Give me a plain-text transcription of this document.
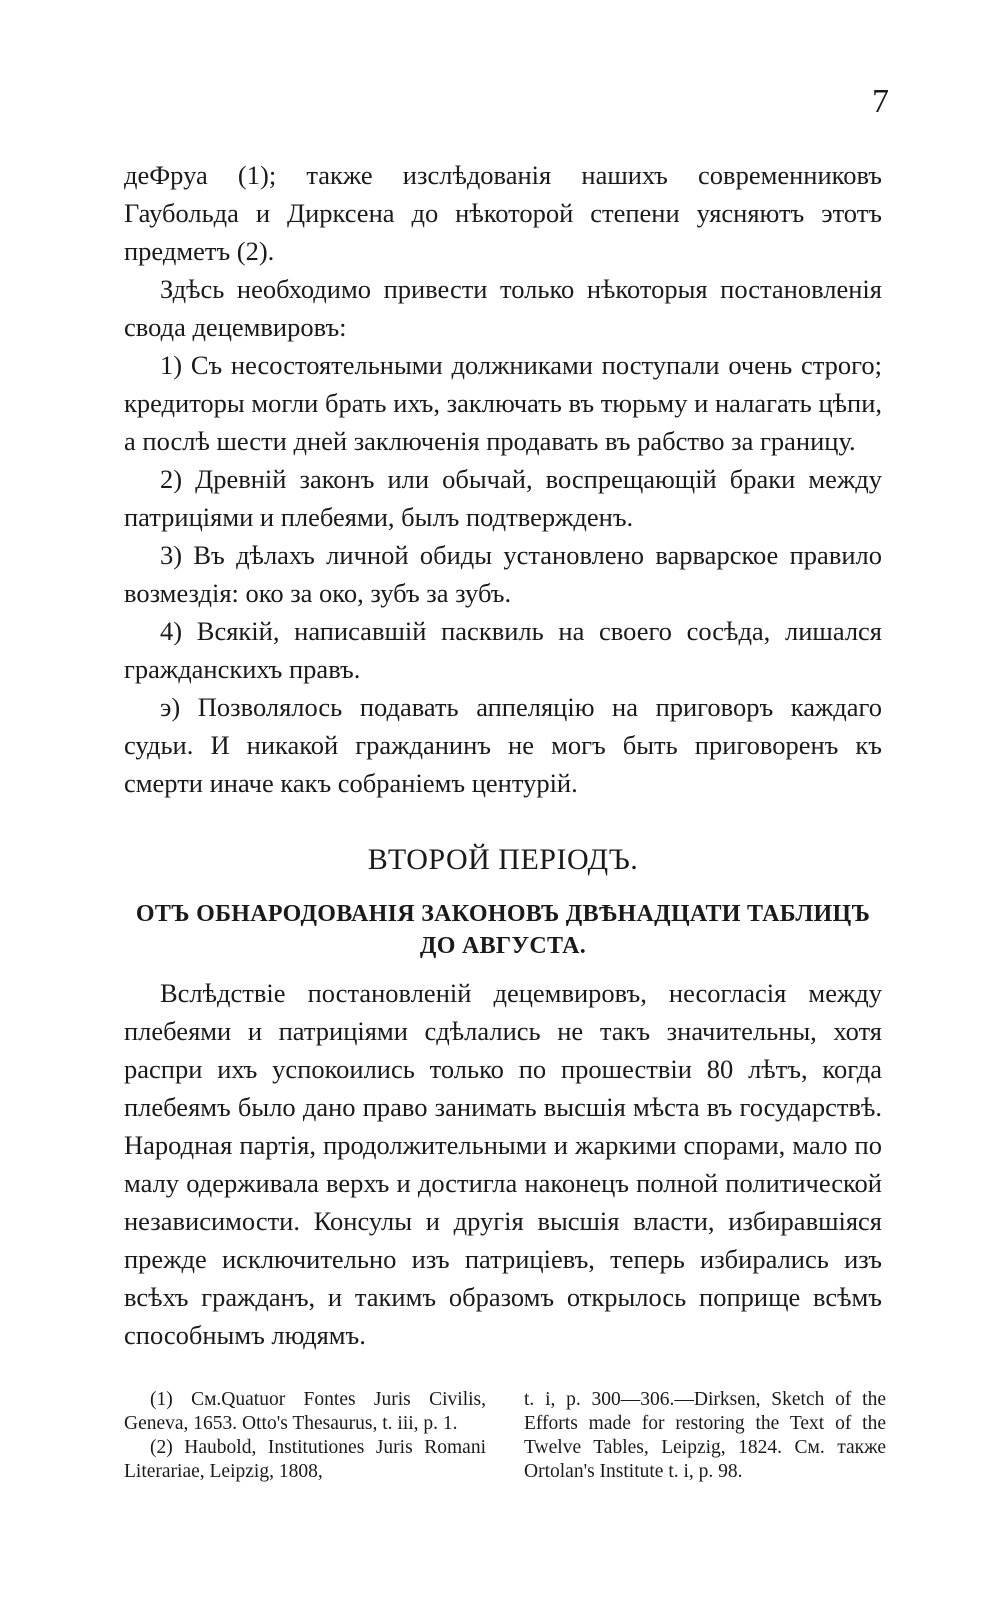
7

деФруа (1); также изслѣдованія нашихъ современниковъ Гаубольда и Дирксена до нѣкоторой степени уясняютъ этотъ предметъ (2).

Здѣсь необходимо привести только нѣкоторыя постановленія свода децемвировъ:

1) Съ несостоятельными должниками поступали очень строго; кредиторы могли брать ихъ, заключать въ тюрьму и налагать цѣпи, а послѣ шести дней заключенія продавать въ рабство за границу.

2) Древній законъ или обычай, воспрещающій браки между патриціями и плебеями, былъ подтвержденъ.

3) Въ дѣлахъ личной обиды установлено варварское правило возмездія: око за око, зубъ за зубъ.

4) Всякій, написавшій пасквиль на своего сосѣда, лишался гражданскихъ правъ.

э) Позволялось подавать аппеляцію на приговоръ каждаго судьи. И никакой гражданинъ не могъ быть приговоренъ къ смерти иначе какъ собраніемъ центурій.

ВТОРОЙ ПЕРІОДЪ.
ОТЪ ОБНАРОДОВАНІЯ ЗАКОНОВЪ ДВѢНАДЦАТИ ТАБЛИЦЪ ДО АВГУСТА.

Вслѣдствіе постановленій децемвировъ, несогласія между плебеями и патриціями сдѣлались не такъ значительны, хотя распри ихъ успокоились только по прошествіи 80 лѣтъ, когда плебеямъ было дано право занимать высшія мѣста въ государствѣ. Народная партія, продолжительными и жаркими спорами, мало по малу одерживала верхъ и достигла наконецъ полной политической независимости. Консулы и другія высшія власти, избиравшіяся прежде исключительно изъ патриціевъ, теперь избирались изъ всѣхъ гражданъ, и такимъ образомъ открылось поприще всѣмъ способнымъ людямъ.

(1) См.Quatuor Fontes Juris Civilis, Geneva, 1653. Otto's Thesaurus, t. iii, p. 1.

(2) Haubold, Institutiones Juris Romani Literariae, Leipzig, 1808,

t. i, p. 300—306.—Dirksen, Sketch of the Efforts made for restoring the Text of the Twelve Tables, Leipzig, 1824. См. также Ortolan's Institute t. i, p. 98.
